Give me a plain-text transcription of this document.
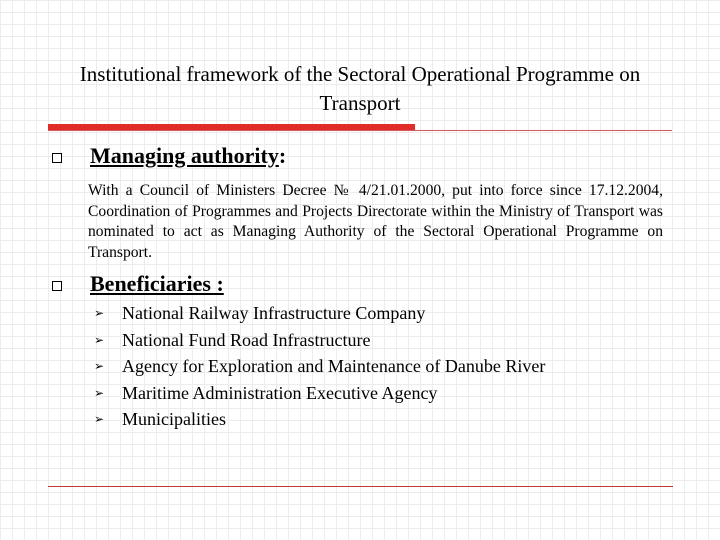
Institutional framework of the Sectoral Operational Programme on Transport
Managing authority:
With a Council of Ministers Decree № 4/21.01.2000, put into force since 17.12.2004, Coordination of Programmes and Projects Directorate within the Ministry of Transport was nominated to act as Managing Authority of the Sectoral Operational Programme on Transport.
Beneficiaries :
➢ National Railway Infrastructure Company
➢ National Fund Road Infrastructure
➢ Agency for Exploration and Maintenance of Danube River
➢ Maritime Administration Executive Agency
➢ Municipalities
